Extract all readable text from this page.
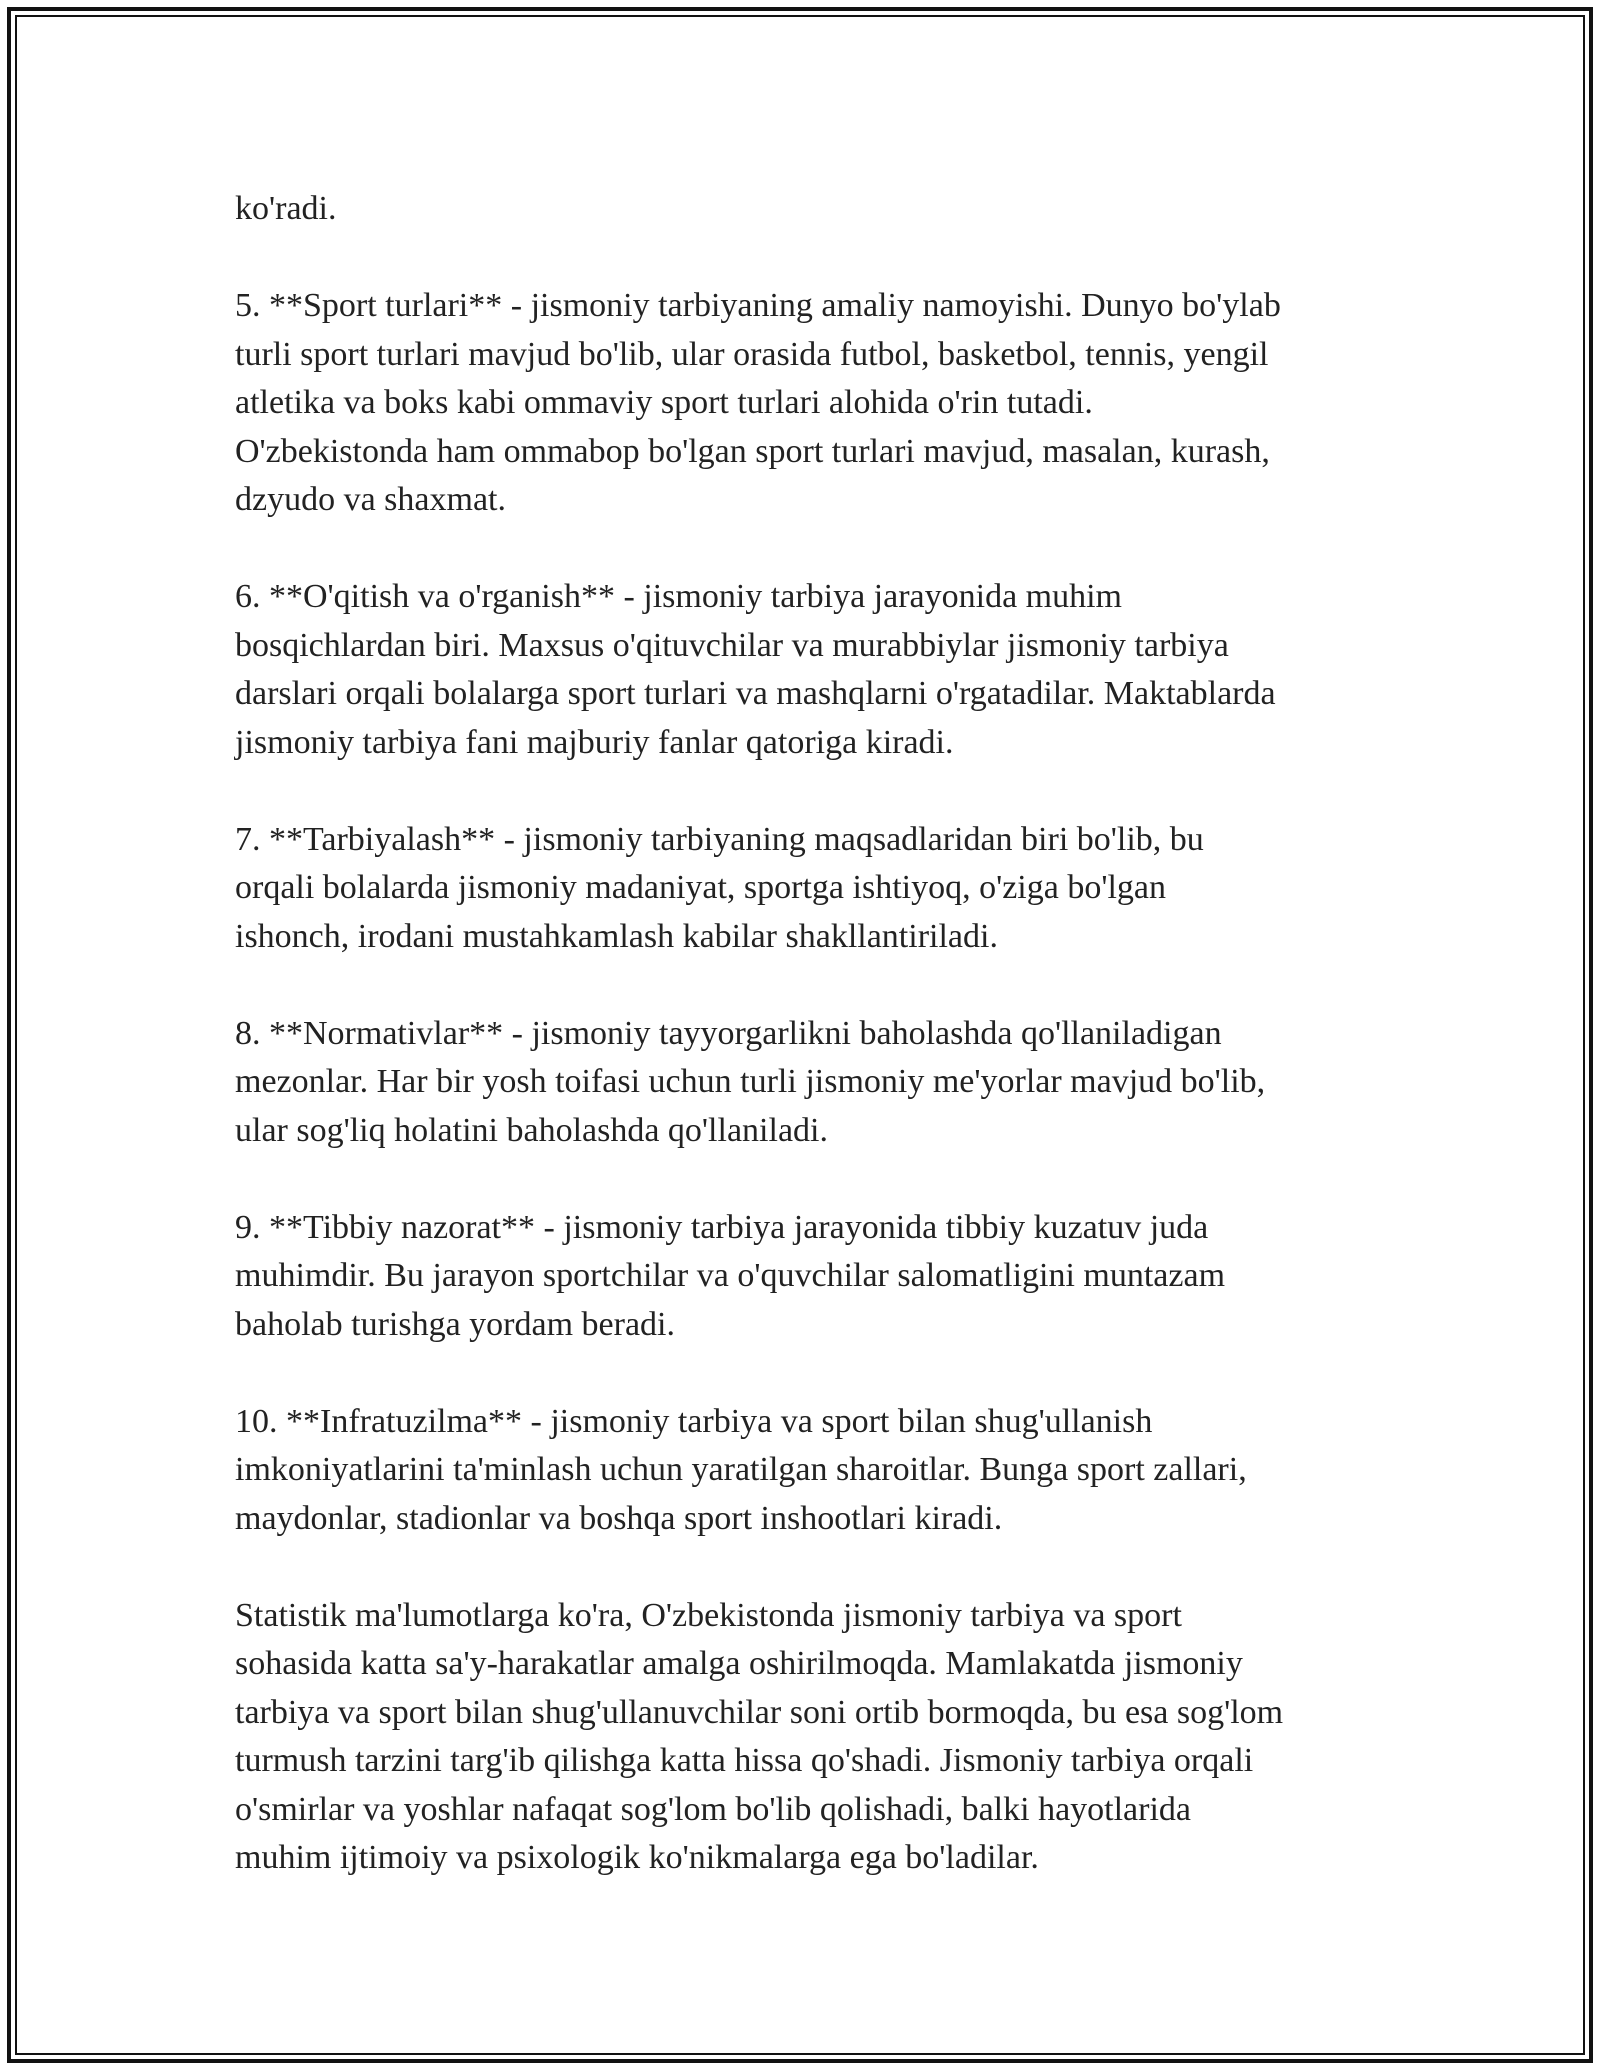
ko'radi.

5. **Sport turlari** - jismoniy tarbiyaning amaliy namoyishi. Dunyo bo'ylab
turli sport turlari mavjud bo'lib, ular orasida futbol, basketbol, tennis, yengil
atletika va boks kabi ommaviy sport turlari alohida o'rin tutadi.
O'zbekistonda ham ommabop bo'lgan sport turlari mavjud, masalan, kurash,
dzyudo va shaxmat.

6. **O'qitish va o'rganish** - jismoniy tarbiya jarayonida muhim
bosqichlardan biri. Maxsus o'qituvchilar va murabbiylar jismoniy tarbiya
darslari orqali bolalarga sport turlari va mashqlarni o'rgatadilar. Maktablarda
jismoniy tarbiya fani majburiy fanlar qatoriga kiradi.

7. **Tarbiyalash** - jismoniy tarbiyaning maqsadlaridan biri bo'lib, bu
orqali bolalarda jismoniy madaniyat, sportga ishtiyoq, o'ziga bo'lgan
ishonch, irodani mustahkamlash kabilar shakllantiriladi.

8. **Normativlar** - jismoniy tayyorgarlikni baholashda qo'llaniladigan
mezonlar. Har bir yosh toifasi uchun turli jismoniy me'yorlar mavjud bo'lib,
ular sog'liq holatini baholashda qo'llaniladi.

9. **Tibbiy nazorat** - jismoniy tarbiya jarayonida tibbiy kuzatuv juda
muhimdir. Bu jarayon sportchilar va o'quvchilar salomatligini muntazam
baholab turishga yordam beradi.

10. **Infratuzilma** - jismoniy tarbiya va sport bilan shug'ullanish
imkoniyatlarini ta'minlash uchun yaratilgan sharoitlar. Bunga sport zallari,
maydonlar, stadionlar va boshqa sport inshootlari kiradi.

Statistik ma'lumotlarga ko'ra, O'zbekistonda jismoniy tarbiya va sport
sohasida katta sa'y-harakatlar amalga oshirilmoqda. Mamlakatda jismoniy
tarbiya va sport bilan shug'ullanuvchilar soni ortib bormoqda, bu esa sog'lom
turmush tarzini targ'ib qilishga katta hissa qo'shadi. Jismoniy tarbiya orqali
o'smirlar va yoshlar nafaqat sog'lom bo'lib qolishadi, balki hayotlarida
muhim ijtimoiy va psixologik ko'nikmalarga ega bo'ladilar.
